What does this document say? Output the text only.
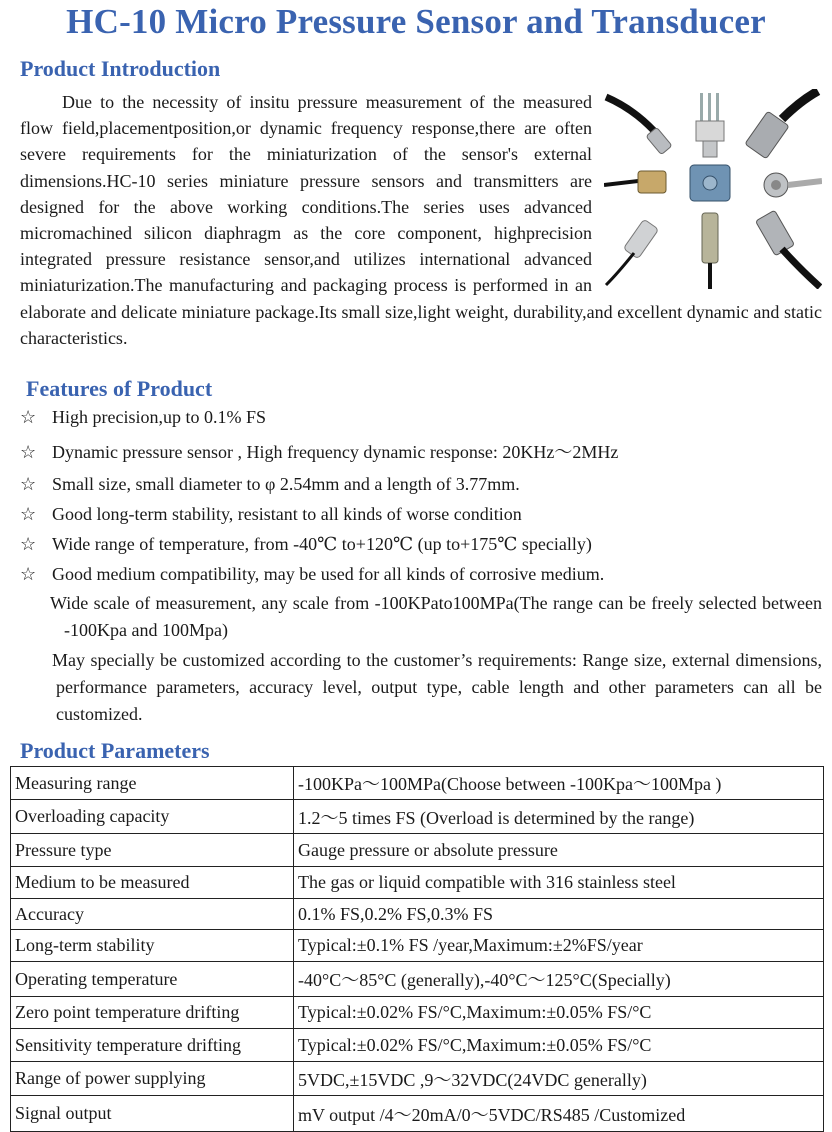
HC-10 Micro Pressure Sensor and Transducer
Product Introduction

Due to the necessity of insitu pressure measurement of the measured flow field,placementposition,or dynamic frequency response,there are often severe requirements for the miniaturization of the sensor's external dimensions.HC-10 series miniature pressure sensors and transmitters are designed for the above working conditions.The series uses advanced micromachined silicon diaphragm as the core component, highprecision integrated pressure resistance sensor,and utilizes international advanced miniaturization.The manufacturing and packaging process is performed in an elaborate and delicate miniature package.Its small size,light weight, durability,and excellent dynamic and static characteristics.

Features of Product
☆ High precision,up to 0.1% FS
☆ Dynamic pressure sensor , High frequency dynamic response: 20KHz～2MHz
☆ Small size, small diameter to φ 2.54mm and a length of 3.77mm.
☆ Good long-term stability, resistant to all kinds of worse condition
☆ Wide range of temperature, from -40℃ to+120℃ (up to+175℃ specially)
☆ Good medium compatibility, may be used for all kinds of corrosive medium.
Wide scale of measurement, any scale from -100KPato100MPa(The range can be freely selected between -100Kpa and 100Mpa)
May specially be customized according to the customer’s requirements: Range size, external dimensions, performance parameters, accuracy level, output type, cable length and other parameters can all be customized.
Product Parameters
Measuring range	-100KPa～100MPa(Choose between -100Kpa～100Mpa )
Overloading capacity	1.2～5 times FS (Overload is determined by the range)
Pressure type	Gauge pressure or absolute pressure
Medium to be measured	The gas or liquid compatible with 316 stainless steel
Accuracy	0.1% FS,0.2% FS,0.3% FS
Long-term stability	Typical:±0.1% FS /year,Maximum:±2%FS/year
Operating temperature	-40°C～85°C (generally),-40°C～125°C(Specially)
Zero point temperature drifting	Typical:±0.02% FS/°C,Maximum:±0.05% FS/°C
Sensitivity temperature drifting	Typical:±0.02% FS/°C,Maximum:±0.05% FS/°C
Range of power supplying	5VDC,±15VDC ,9～32VDC(24VDC generally)
Signal output	mV output /4～20mA/0～5VDC/RS485 /Customized
